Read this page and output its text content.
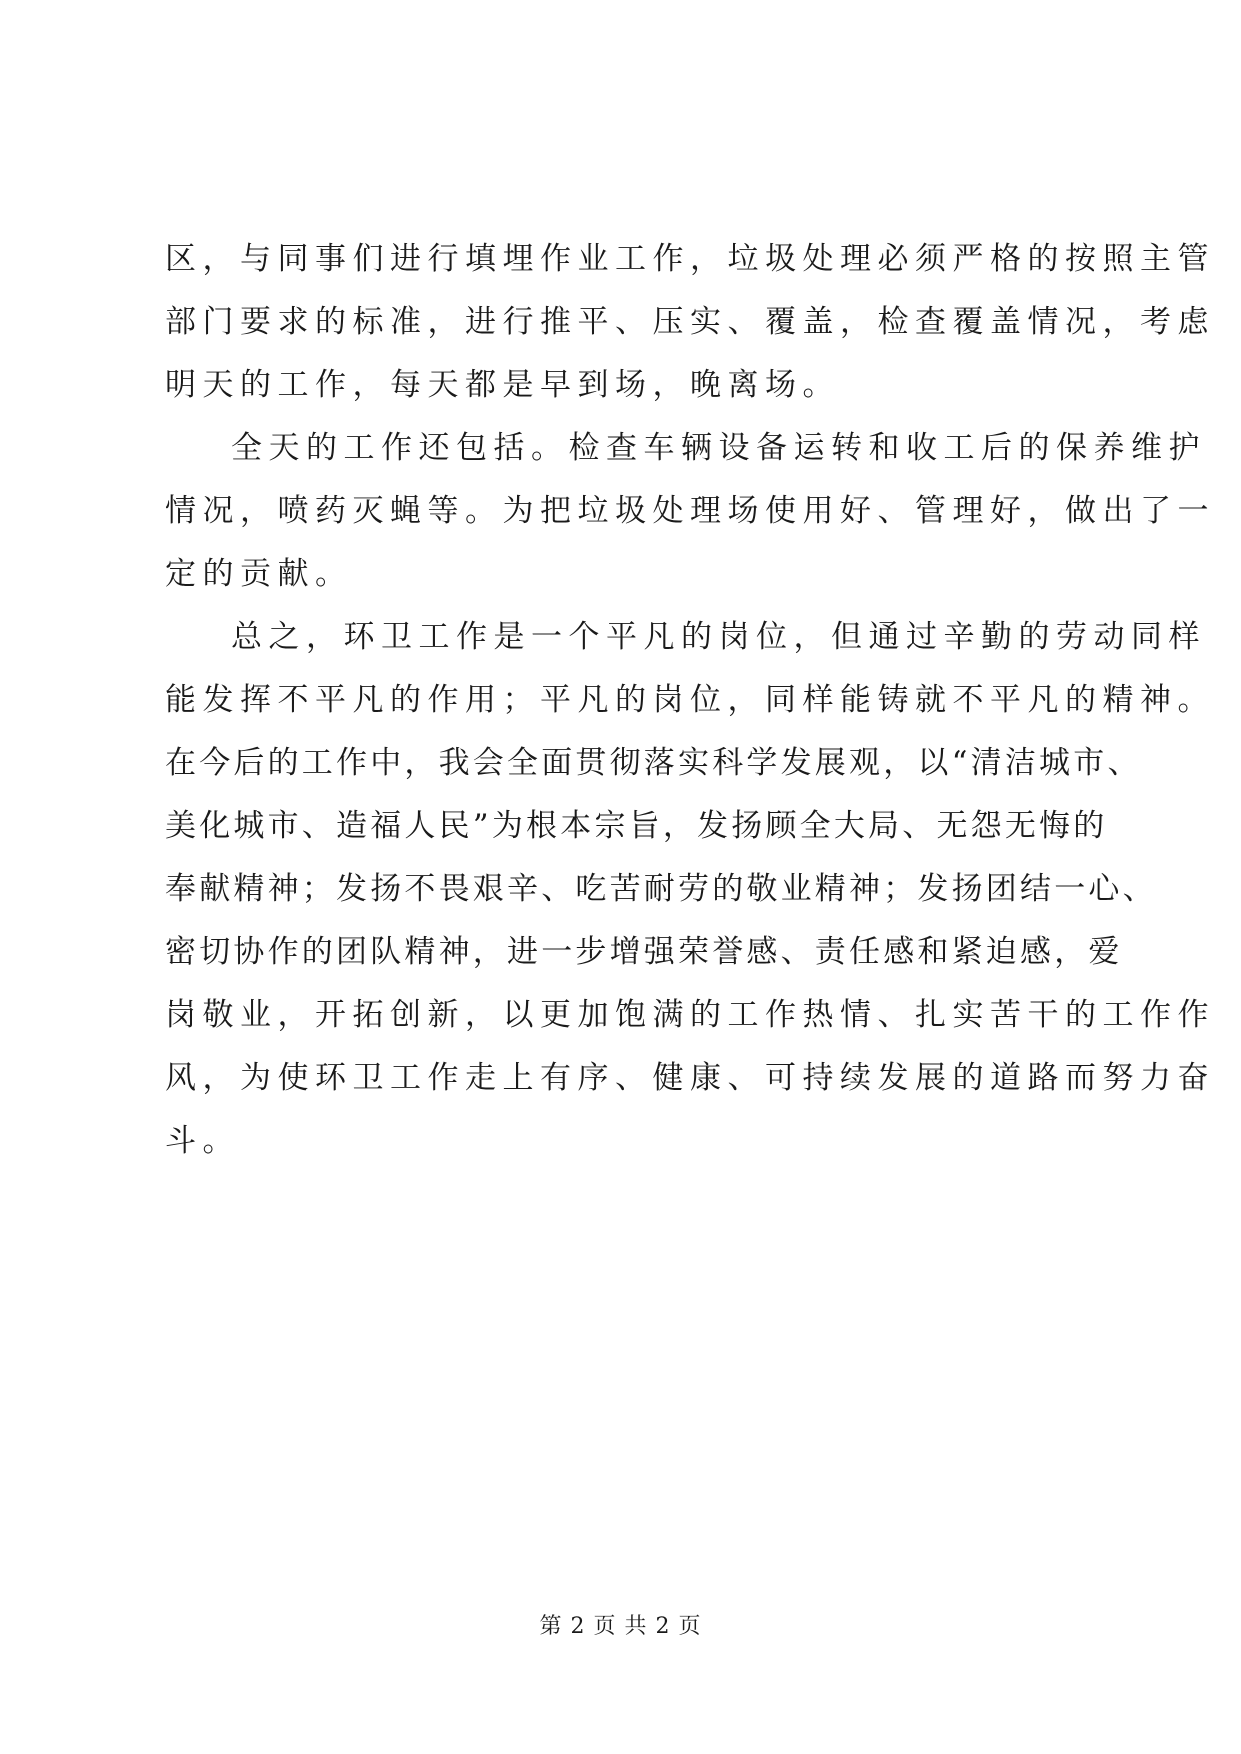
区，与同事们进行填埋作业工作，垃圾处理必须严格的按照主管
部门要求的标准，进行推平、压实、覆盖，检查覆盖情况，考虑
明天的工作，每天都是早到场，晚离场。
全天的工作还包括。检查车辆设备运转和收工后的保养维护
情况，喷药灭蝇等。为把垃圾处理场使用好、管理好，做出了一
定的贡献。
总之，环卫工作是一个平凡的岗位，但通过辛勤的劳动同样
能发挥不平凡的作用；平凡的岗位，同样能铸就不平凡的精神。
在今后的工作中，我会全面贯彻落实科学发展观，以“清洁城市、
美化城市、造福人民”为根本宗旨，发扬顾全大局、无怨无悔的
奉献精神；发扬不畏艰辛、吃苦耐劳的敬业精神；发扬团结一心、
密切协作的团队精神，进一步增强荣誉感、责任感和紧迫感，爱
岗敬业，开拓创新，以更加饱满的工作热情、扎实苦干的工作作
风，为使环卫工作走上有序、健康、可持续发展的道路而努力奋
斗。
第 2 页 共 2 页
